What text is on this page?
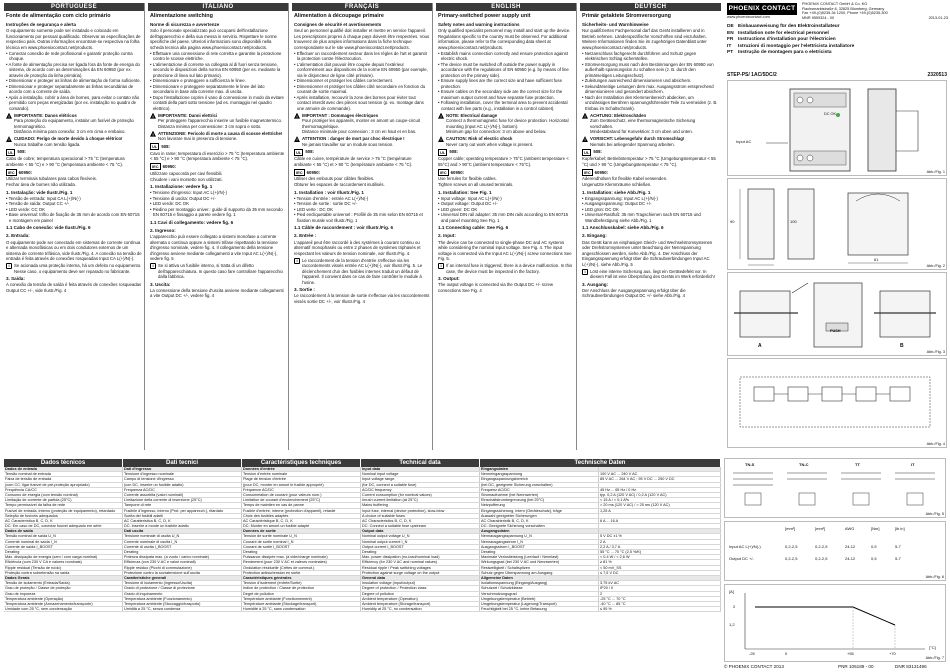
PORTUGUESE
Fonte de alimentação com ciclo primário
Instruções de segurança e alerta

O equipamento somente pode ser instalado e colocado em funcionamento por pessoal qualificado. Observar as especificações de respectivo país. Outras informações encontram-se respectiva na folha técnica em www.phoenixcontact.net/products.

• Conectar conexão de rede profissional e garantir proteção contra choque.
• A fonte de alimentação precisa ser ligada fora da fonte de energia do sistema, de acordo com as determinações da EN 60950 (por ex. através de proteção da linha primária).
• Dimensionar e proteger as linhas de alimentação de forma suficiente.
• Dimensionar e proteger separadamente as linhas secundárias de acordo com a corrente de saída.
• Após a instalação, cobrir a área de bornes, para evitar o contato não permitido com peças energizadas (por ex. instalação no quadro de comando).
!	IMPORTANTE: Danos elétricos
Para proteção do equipamento, instalar um fusível de proteção termomagnético.
Distância mínima para conexão: 3 cm em cima e embaixo.
!	CUIDADO: Perigo de morte devido à choque elétrico!
Nunca trabalhe com tensão ligada.
UL 508:

Cabo de cobre; temperatura operacional > 75 °C (temperatura ambiente < 55 °C) e > 90 °C (temperatura ambiente < 75 °C).

IEC 60950:

Utilizar terminais tubulares para cabos flexíveis.

Fechar área de bornes não utilizada.

1. Instalação: vide Ilustr./Fig. 1
• Tensão de entrada: Input CA L(+)/N(-)
• Tensão de saída: Output CC +/-
• LED verde: CC OK
• Base universal: trilho de fixação de 35 mm de acordo com EN 60715 e montagem em painel
1.1 Cabo de conexão: vide Ilustr./Fig. 6
2. Entrada:

O equipamento pode ser conectado em sistemas de corrente contínua e alternada monofásicas ou em dois condutores externos de um sistema de corrente trifásica, vide Ilustr./Fig. 4. A conexão na tensão de entrada é feita através de conexões rosqueadas Input CA L(+)/N(-).

i	Se acionada uma proteção interna, há um defeito no equipamento. Nesse caso, o equipamento deve ser reparado no fabricante.
3. Saída:

A conexão da tensão de saída é feita através de conexões rosqueadas Output CC +/-, vide Ilustr./Fig. 4

ITALIANO
Alimentazione switching
Norme di sicurezza e avvertenze

Solo il personale specializzato può occuparsi dell'installazione dell'apparecchio e della sua messa in servizio. Rispettare le norme specifiche del paese. Ulteriori informazioni sono disponibili nella scheda tecnica alla pagina www.phoenixcontact.net/products.

• Effettuare una connessione di rete corretta e garantire la protezione contro le scosse elettriche.
• L'alimentazione di corrente va collegata al di fuori senza tensione, secondo le disposizioni della norma EN 60950 (per es. mediante la protezione di linea sul lato primario).
• Dimensionare e proteggere a sufficienza le linee.
• Dimensionare e proteggere separatamente le linee del lato secondario in base alla corrente max. di uscita.
• Dopo l'installazione coprire il vano di connessione in modo da evitare contatti della parti sotto tensione (ad es. montaggio nel quadro elettrico).
!	IMPORTANTE: Danni elettrici
Per proteggere l'apparecchio inserire un fusibile magnetotermico.
Distanza minima per connessione: 3 cm sopra e sotto.
!	ATTENZIONE: Pericolo di morte a causa di scosse elettriche!
Non lavorare mai in presenza di tensione.
UL 508:

Cavo in rame; temperatura di esercizio > 75 °C (temperatura ambiente < 55 °C) e > 90 °C (temperatura ambiente < 75 °C).

IEC 60950:

Utilizzare capocorda per cavi flessibili.

Chiudere i vani morsetto non utilizzati.

1. Installazione: vedere fig. 1
• Tensione d'ingresso: Input AC L(+)/N(-)
• Tensione di uscita: Output DC +/-
• LED verde: DC OK
• Piedino per montaggio univer.: guide di supporto da 35 mm secondo EN 60715 e fissaggio a parete vedere fig. 1
1.1 Cavi di collegamento: vedere fig. 6
2. Ingresso:

L'apparecchio può essere collegato a sistemi monofase a corrente alternata o continua oppure a sistemi trifase rispettando la tensione d'ingresso nominale, vedere fig. 4. Il collegamento della tensione d'ingresso avviene mediante collegamenti a vite Input AC L(+)/N(-), vedere fig. 5

i	Se si attiva un fusibile interno, si tratta di un difetto dell'apparecchiatura. In questo caso fare controllare l'apparecchio dalla fabbrica.
3. Uscita:

La connessione della tensione d'uscita avviene mediante collegamenti a vite Output DC +/-, vedere fig. 4

FRANÇAIS
Alimentation à découpage primaire
Consignes de sécurité et avertissements

Seul un personnel qualifié doit installer et mettre en service l'appareil. Les prescriptions propres à chaque pays doivent être respectées. Vous trouverez de plus amples informations dans la fiche technique correspondante sur le site www.phoenixcontact.net/products.

• Effectuer un raccordement secteur dans les règles de l'art et garantir la protection contre l'électrocution.
• L'alimentation doit pouvoir être coupée depuis l'extérieur conformément aux dispositions de la norme EN 60950 (par exemple, via le disjoncteur de ligne côté primaire).
• Dimensionner et protéger les câbles correctement.
• Dimensionner et protéger les câbles côté secondaire en fonction du courant de sortie maximal.
• Après installation, recouvrir la zone des bornes pour éviter tout contact interdit avec des pièces sous tension (p. ex. montage dans une armoire de commande).
!	IMPORTANT : Dommages électriques
Pour protéger les appareils, monter en amont un coupe-circuit thermomagnétique.
Distance minimale pour connexion : 3 cm en haut et en bas.
!	ATTENTION : danger de mort par choc électrique !
Ne jamais travailler sur un module sous tension.
UL 508:

Câble en cuivre, température de service > 75 °C (température ambiante < 55 °C) et > 90 °C (température ambiante < 75 °C).

IEC 60950:

Utiliser des embouts pour câbles flexibles.

Obturer les espaces de raccordement inutilisés.

1. Installation : voir Illustr./Fig. 1
• Tension d'entrée : entrée AC L(+)/N(-)
• Tension de sortie : sortie DC +/-
• LED verte : DC OK
• Pied encliquetable universel : Profilé de 35 mm selon EN 60715 et fixation murale voir Illustr./Fig. 1
1.1 Câble de raccordement : voir Illustr./Fig. 6
2. Entrée :

L'appareil peut être raccordé à des systèmes à courant continu ou alternatif monophasés ou entre 2 phases de systèmes triphasés et respectant les valeurs de tension nominale, voir Illustr./Fig. 4.

i	Le raccordement de la tension d'entrée s'effectue via les raccordements vissés entrée AC L(+)/N(-), voir Illustr./Fig. 5. Le déclenchement d'un des fusibles internes traduit un défaut de l'appareil. Il convient dans ce cas de faire contrôler le module à l'usine.
3. Sortie :

Le raccordement à la tension de sortie s'effectue via les raccordements vissés sortie DC +/-, voir Illustr./Fig. 4

ENGLISH
Primary-switched power supply unit
Safety notes and warning instructions

Only qualified specialist personnel may install and start up the device. Regulations specific to the country must be observed. For additional information, please refer to the corresponding data sheet at www.phoenixcontact.net/products.

• Establish mains connection correctly and ensure protection against electric shock.
• The device must be switched off outside the power supply in accordance with the regulations of EN 60950 (e.g. by means of line protection on the primary side).
• Ensure supply lines are the correct size and have sufficient fuse protection.
• Ensure cables on the secondary side are the correct size for the maximum output current and have separate fuse protection.
• Following installation, cover the terminal area to prevent accidental contact with live parts (e.g., installation in a control cabinet).
!	NOTE: Electrical damage
Connect a thermomagnetic fuse for device protection. Horizontal mounting (input AC L(+)/N(-), bottom).
Minimum gap for connection: 3 cm above and below.
!	CAUTION: Risk of electric shock
Never carry out work when voltage is present.
UL 508:

Copper cable; operating temperature > 75°C (ambient temperature < 55°C) and > 90°C (ambient temperature < 75°C).

IEC 60950:

Use ferrules for flexible cables.

Tighten screws on all unused terminals.

1. Installation: See Fig. 1
• Input voltage: Input AC L(+)/N(-)
• Output voltage: Output DC +/-
• LED green: DC OK
• Universal DIN rail adapter: 35 mm DIN rails according to EN 60715 and panel mounting See Fig. 1
1.1 Connecting cable: See Fig. 6
2. Input:

The device can be connected to single-phase DC and AC systems while considering the nominal input voltage. See Fig. 4. The input voltage is connected via the Input AC L(+)/N(-) screw connections See Fig. 5.

i	If an internal fuse is triggered, there is a device malfunction. In this case, the device must be inspected in the factory.
3. Output:

The output voltage is connected via the Output DC +/- screw connections See Fig. 4

DEUTSCH
Primär getaktete Stromversorgung
Sicherheits- und Warnhinweise

Nur qualifiziertes Fachpersonal darf das Gerät installieren und in Betrieb nehmen. Länderspezifische Vorschriften sind einzuhalten. Weitere Informationen finden Sie im zugehörigen Datenblatt unter www.phoenixcontact.net/products.

• Netzanschluss fachgerecht durchführen und Schutz gegen elektrischen Schlag sicherstellen.
• Stromversorgung muss nach den Bestimmungen der EN 60950 von außerhalb spannungslos zu schalten sein (z. B. durch den primärseitigen Leitungsschutz).
• Zuleitungen ausreichend dimensionieren und absichern.
• Sekundärseitige Leitungen dem max. Ausgangsstrom entsprechend dimensionieren und gesondert absichern.
• Nach der Installation den Klemmenbereich abdecken, um unzulässiges Berühren spannungsführender Teile zu vermeiden (z. B. Einbau im Schaltschrank).
!	ACHTUNG: Elektroschäden
Zum Geräteschutz, eine thermomagnetische Sicherung vorschalten.
Mindestabstand für Konvektion: 3 cm oben und unten.
!	VORSICHT: Lebensgefahr durch Stromschlag!
Niemals bei anliegender Spannung arbeiten.
UL 508:

Kupferkabel; Betriebstemperatur > 75 °C (Umgebungstemperatur < 55 °C) und > 90 °C (Umgebungstemperatur < 75 °C).

IEC 60950:

Aderendhülsen für flexible Kabel verwenden.

Ungenutzte Klemmräume schließen.

1. Installation: siehe Abb./Fig. 1
• Eingangsspannung: Input AC L(+)/N(-)
• Ausgangsspannung: Output DC +/-
• LED grün: DC OK
• Universal-Rastfuß: 35 mm Tragschienen nach EN 60715 und Wandbefestigung siehe Abb./Fig. 1
1.1 Anschlusskabel: siehe Abb./Fig. 6
2. Eingang:

Das Gerät kann an einphasigen Gleich- und Wechselstromsystemen oder Drehstromsystemen unter Beachtung der Nennspannung angeschlossen werden, siehe Abb./Fig. 4. Der Anschluss der Eingangsspannung erfolgt über die Schraubverbindungen Input AC L(+)/N(-), siehe Abb./Fig. 5

i	Löst eine interne Sicherung aus, liegt ein Gerätedefekt vor. In diesem Fall ist eine Überprüfung des Geräts im Werk erforderlich!
3. Ausgang:

Der Anschluss der Ausgangsspannung erfolgt über die Schraubverbindungen Output DC +/- siehe Abb./Fig. 4

PHOENIX CONTACT
www.phoenixcontact.com
PHOENIX CONTACT GmbH & Co. KG
Flachsmarktstraße 8, 32825 Blomberg, Germany
Fax +49-(0)5235-34 1200, Phone +49-(0)5235-300
MNR 9559324 - 00	2013-01-23
DE Einbauanweisung für den Elektroinstallateur
EN Installation note for electrical personnel
FR Instructions d'installation pour l'électricien
IT	Istruzioni di montaggio per l'elettricista installatore
PT	Instrução de montagem para o eletricista
STEP-PS/ 1AC/5DC/2	2320513
Input AC
DC OK
Abb./Fig. 1
90	100
61
Abb./Fig. 2
PUSH
A	B
Abb./Fig. 3
Abb./Fig. 4
Dados técnicos	Dati tecnici	Caractéristiques techniques	Technical data	Technische Daten
Dados de entrada	Dati d'ingresso	Données d'entrée	Input data	Eingangsdaten
Tensão nominal de entrada	Tensione d'ingresso nominale	Tension d'entrée nominale	Nominal input voltage	Nenneingangsspannung	100 V AC ... 240 V AC
Faixa de tensão de entrada	Campo di tensione d'ingresso	Plage de tension d'entrée	Input voltage range	Eingangsspannungsbereich	85 V AC ... 264 V AC ; 95 V DC ... 250 V DC
(com CC, ligar fusível de pré-proteção apropriado)	(con DC, inserire un fusibile adatto)	(pour DC, monter en amont le fusible approprié)	(for DC, connect a suitable fuse)	(bei DC, geeignete Sicherung vorschalten)
Frequência CA/CC	Frequenza AC/DC	Fréquence AC/DC	AC/DC frequency	Frequenz AC/DC	45 Hz ... 65 Hz / 0 Hz
Consumo de energia (com tensão nominal)	Corrente assorbita (valori nominali)	Consommation de courant (pour valeurs nom.)	Current consumption (for nominal values)	Stromaufnahme (bei Nennwerten)	typ. 0,2 A (120 V AC) / 0,2 A (120 V AC)
Limitação de corrente de partida (25°C)	Limitazione della corrente di inserzione (25°C)	Limitation de courant d'enclenchement (25°C)	Inrush current limitation (at 25°C)	Einschaltstrombegrenzung (bei 25°C)	< 15 A / < 0,1 A²s
Tempo permissível da falha de rede	Tampone di rete	Temps de maintien en cas de panne	Mains buffering	Netzpufferung	> 20 ms (120 V AC) / > 25 ms (120 V AC)
Fusível de entrada, interno (proteção de equipamento), retardado	Fusibile d'ingresso, interno (Prot. per apparecch.), ritardato	Fusible d'entrée, interne (protection d'appareil), retardé	Input fuse, internal (device protection), slow-blow	Eingangssicherung, intern (Geräteschutz), träge	1,25 A
Seleção de fusíveis adequados	Scelta dei fusibili adatti	Choix des fusibles adaptés	A choice of suitable fuses	Auswahl geeigneter Sicherungen
AC Característica B, C, D, K	AC Caratteristica B, C, D, K	AC Caractéristique B, C, D, K	AC Characteristics B, C, D, K	AC Charakteristik B, C, D, K	6 A ... 16 A
DC: Em caso de DC, conectar fusível adequado em série	DC: Inserire a monte un fusibile adatto	DC: Monter en amont un fusible adapté	DC: Connect a suitable fuse upstream	DC: Geeignete Sicherung vorschalten
Dados de saída	Dati uscita	Données de sortie	Output data	Ausgangsdaten
Tensão nominal de saída U_N	Tensione nominale di uscita U_N	Tension de sortie nominale U_N	Nominal output voltage U_N	Nennausgangsspannung U_N	5 V DC ±1 %
Corrente nominal de saída I_N	Corrente nominale di uscita I_N	Courant de sortie nominal I_N	Nominal output current I_N	Nennausgangsstrom I_N	2 A
Corrente de saída I_BOOST	Corrente di uscita I_BOOST	Courant de sortie I_BOOST	Output current I_BOOST	Ausgangsstrom I_BOOST	2,2 A / 3,7 A
Derating	Derating	Derating	Derating	Derating	55 °C ... 70 °C (2,5 %/K)
Máx. dissipação de energia (sem / com carga nominal)	Potenza dissipata max. (a vuoto / carico nominale)	Puissance dissipée max. (à vide/charge nominale)	Max. power dissipation (no-load/nominal load)	Maximale Verlustleistung (Leerlauf / Nennlast)	< 0,4 W / < 2,6 W
Eficiência (com 230 V CA e valores nominais)	Efficienza (con 230 V AC e valori nominali)	Rendement (pour 230 V AC et valeurs nominales)	Efficiency (for 230 V AC and nominal values)	Wirkungsgrad (bei 230 V AC und Nennwerten)	≥ 81 %
Ripple residual (Tensão de ruído)	Ripple residuo (Picchi di commutazione)	Ondulation résiduelle (Crêtes de commut.)	Residual ripple / Peak switching voltages	Restwelligkeit / Schaltspitzen	< 50 mV_SS
Proteção contra sobretensão na saída	Protezione contro la sovratensione sull'uscita	Protection antisurtension en sortie	Protection against surge voltage on the output	Schutz gegen Überspannung am Ausgang	≤ 7,5 V DC
Dados Gerais	Caratteristiche generali	Caractéristiques générales	General data	Allgemeine Daten
Tensão de isolamento (Entrada/Saída)	Tensione di isolamento (ingresso/Uscita)	Tension d'isolement (entrée/Sortie)	Insulation voltage (input/output)	Isolationsspannung (Eingang/Ausgang)	3,75 kV AC
Grau de proteção / Classe de proteção	Grado di protezione / Classe di protezione	Indice de protection / Classe de protection	Degree of protection / Protection class	Schutzart / Schutzklasse	IP20 / II
Grau de impureza	Grado di inquinamento	Degré de pollution	Degree of pollution	Verschmutzungsgrad	2
Temperatura ambiente (Operação)	Temperatura ambiente (Funzionamento)	Température ambiante (Fonctionnement)	Ambient temperature (Operation)	Umgebungstemperatur (Betrieb)	-25 °C ... 70 °C
Temperatura ambiente (Armazenamento/transporte)	Temperatura ambiente (Stoccaggio/trasporto)	Température ambiante (Stockage/transport)	Ambient temperature (Storage/transport)	Umgebungstemperatur (Lagerung/Transport)	-40 °C ... 85 °C
Umidade com 25 °C, sem condensação	Umidità a 25 °C, senza condensa	Humidité à 25 °C, sans condensation	Humidity at 25 °C, no condensation	Feuchtigkeit bei 25 °C, keine Betauung	≤ 95 %
TN-S	TN-C	TT	IT
Abb./Fig. 5
[mm²]	[mm²]	AWG	[Nm]	[lb in]
Input AC L(+)/N(-)	0,2-2,5	0,2-2,5	24-12	0,5	5-7
Output DC +/-	0,2-2,5	0,2-2,5	24-12	0,5	5-7
Abb./Fig. 6
[A]
[°C]
2
1,2
-25	0	+55	+70
Abb./Fig. 7
© PHOENIX CONTACT 2013	PNR 105189 - 00	DNR 83131496
